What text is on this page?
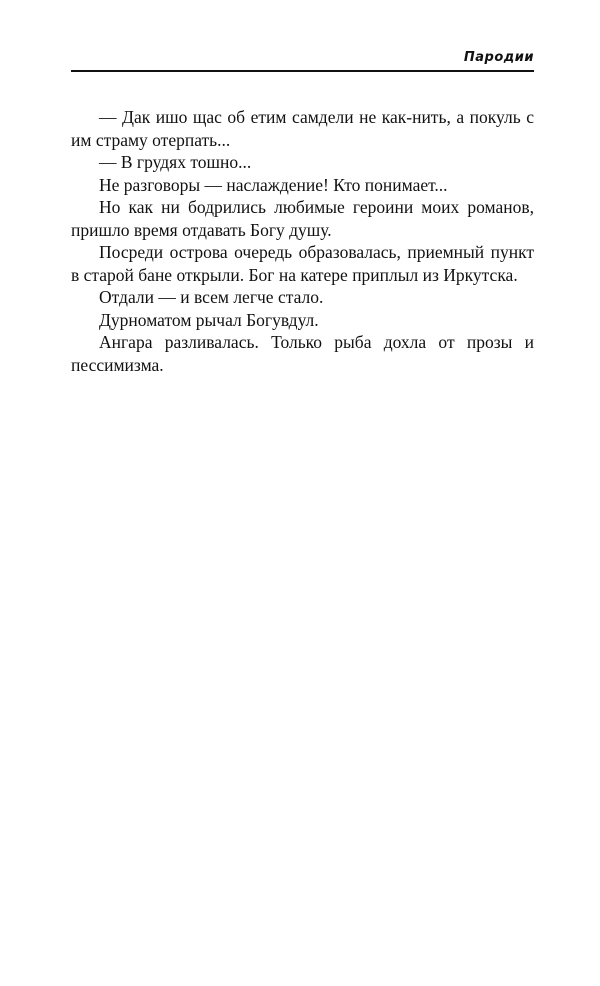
Пародии

— Дак ишо щас об етим самдели не как-нить, а покуль с им страму отерпать...

— В грудях тошно...

Не разговоры — наслаждение! Кто понимает...

Но как ни бодрились любимые героини моих романов, пришло время отдавать Богу душу.

Посреди острова очередь образовалась, приемный пункт в старой бане открыли. Бог на катере приплыл из Иркутска.

Отдали — и всем легче стало.

Дурноматом рычал Богувдул.

Ангара разливалась. Только рыба дохла от прозы и пессимизма.
